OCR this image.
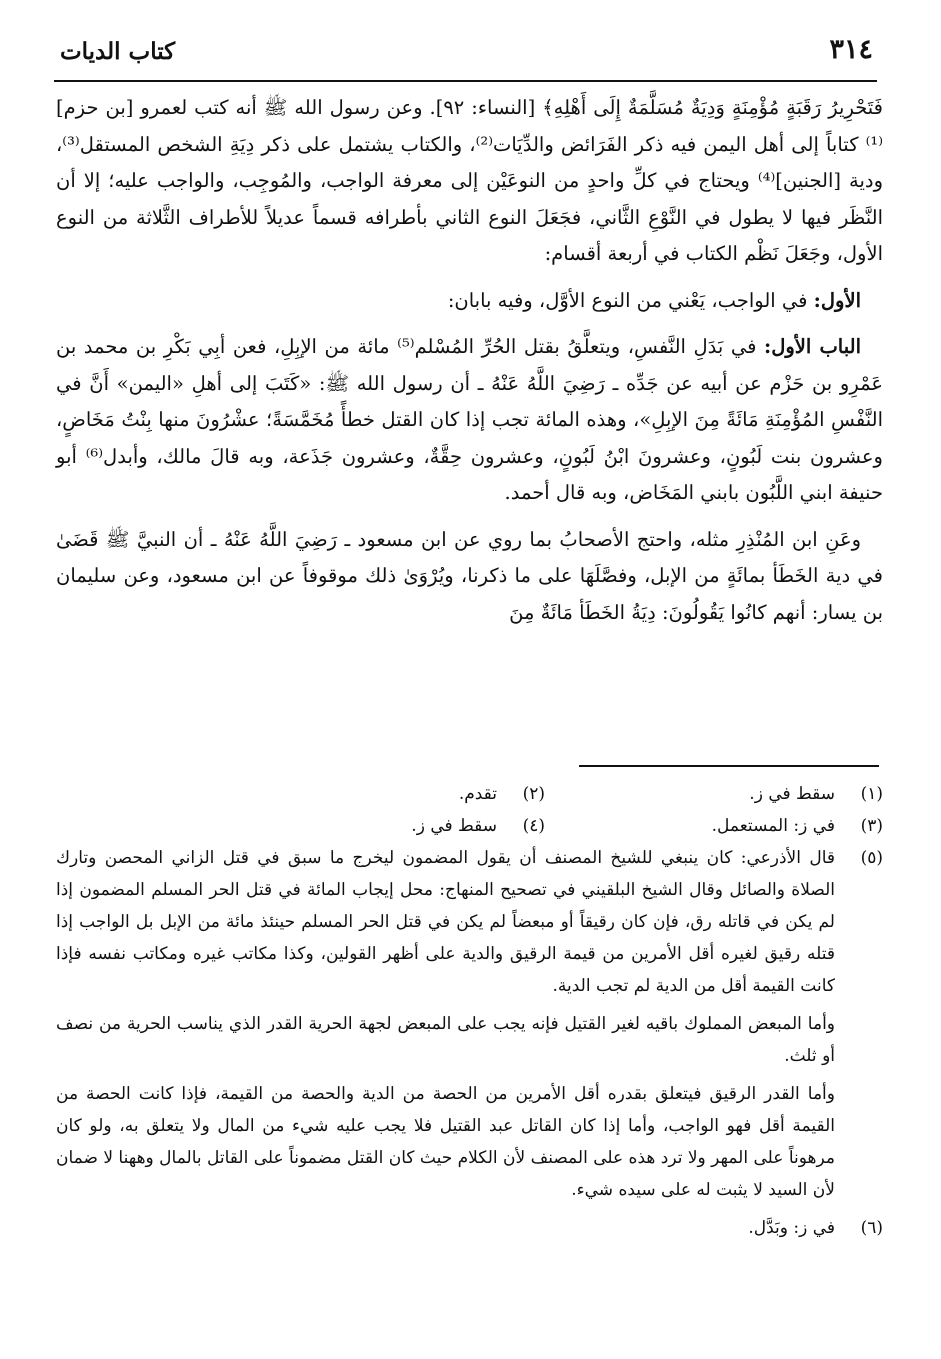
٣١٤
كتاب الديات

فَتَحْرِيرُ رَقَبَةٍ مُؤْمِنَةٍ وَدِيَةٌ مُسَلَّمَةٌ إِلَى أَهْلِهِ﴾ [النساء: ٩٢]. وعن رسول الله ﷺ أنه كتب لعمرو [بن حزم]⁽¹⁾ كتاباً إلى أهل اليمن فيه ذكر الفَرَائض والدِّيَات⁽²⁾، والكتاب يشتمل على ذكر دِيَةِ الشخص المستقل⁽³⁾، ودية [الجنين]⁽⁴⁾ ويحتاج في كلِّ واحدٍ من النوعَيْن إلى معرفة الواجب، والمُوجِب، والواجب عليه؛ إلا أن النَّظَر فيها لا يطول في النَّوْعِ الثَّاني، فجَعَلَ النوع الثاني بأطرافه قسماً عديلاً للأطراف الثَّلاثة من النوع الأول، وجَعَلَ نَظْم الكتاب في أربعة أقسام:

الأول: في الواجب، يَعْني من النوع الأوَّل، وفيه بابان:

الباب الأول: في بَدَلِ النَّفسِ، ويتعلَّقُ بقتل الحُرِّ المُسْلم⁽⁵⁾ مائة من الإبِلِ، فعن أبِي بَكْرِ بن محمد بن عَمْرِو بن حَزْم عن أبيه عن جَدِّه ـ رَضِيَ اللَّهُ عَنْهُ ـ أن رسول الله ﷺ: «كَتَبَ إلى أهلِ «اليمن» أَنَّ في النَّفْسِ المُؤْمِنَةِ مَائَةً مِنَ الإبِلِ»، وهذه المائة تجب إذا كان القتل خطأً مُخَمَّسَةً؛ عشْرُونَ منها بِنْتُ مَخَاضٍ، وعشرون بنت لَبُونٍ، وعشرونَ ابْنُ لَبُونٍ، وعشرون حِقَّةٌ، وعشرون جَذَعة، وبه قالَ مالك، وأبدل⁽⁶⁾ أبو حنيفة ابني اللَّبُون بابني المَخَاض، وبه قال أحمد.

وعَنِ ابن المُنْذِرِ مثله، واحتج الأصحابُ بما روي عن ابن مسعود ـ رَضِيَ اللَّهُ عَنْهُ ـ أن النبيَّ ﷺ قَضَىٰ في دية الخَطَأ بمائَةٍ من الإبل، وفصَّلَهَا على ما ذكرنا، ويُرْوَىٰ ذلك موقوفاً عن ابن مسعود، وعن سليمان بن يسار: أنهم كانُوا يَقُولُونَ: دِيَةُ الخَطَأ مَائَةٌ مِنَ

(١)
سقط في ز.
(٢)
تقدم.
(٣)
في ز: المستعمل.
(٤)
سقط في ز.
(٥)
قال الأذرعي: كان ينبغي للشيخ المصنف أن يقول المضمون ليخرج ما سبق في قتل الزاني المحصن وتارك الصلاة والصائل وقال الشيخ البلقيني في تصحيح المنهاج: محل إيجاب المائة في قتل الحر المسلم المضمون إذا لم يكن في قاتله رق، فإن كان رقيقاً أو مبعضاً لم يكن في قتل الحر المسلم حينئذ مائة من الإبل بل الواجب إذا قتله رقيق لغيره أقل الأمرين من قيمة الرقيق والدية على أظهر القولين، وكذا مكاتب غيره ومكاتب نفسه فإذا كانت القيمة أقل من الدية لم تجب الدية.
وأما المبعض المملوك باقيه لغير القتيل فإنه يجب على المبعض لجهة الحرية القدر الذي يناسب الحرية من نصف أو ثلث.
وأما القدر الرقيق فيتعلق بقدره أقل الأمرين من الحصة من الدية والحصة من القيمة، فإذا كانت الحصة من القيمة أقل فهو الواجب، وأما إذا كان القاتل عبد القتيل فلا يجب عليه شيء من المال ولا يتعلق به، ولو كان مرهوناً على المهر ولا ترد هذه على المصنف لأن الكلام حيث كان القتل مضموناً على القاتل بالمال وههنا لا ضمان لأن السيد لا يثبت له على سيده شيء.
(٦)
في ز: وبَدَّل.
